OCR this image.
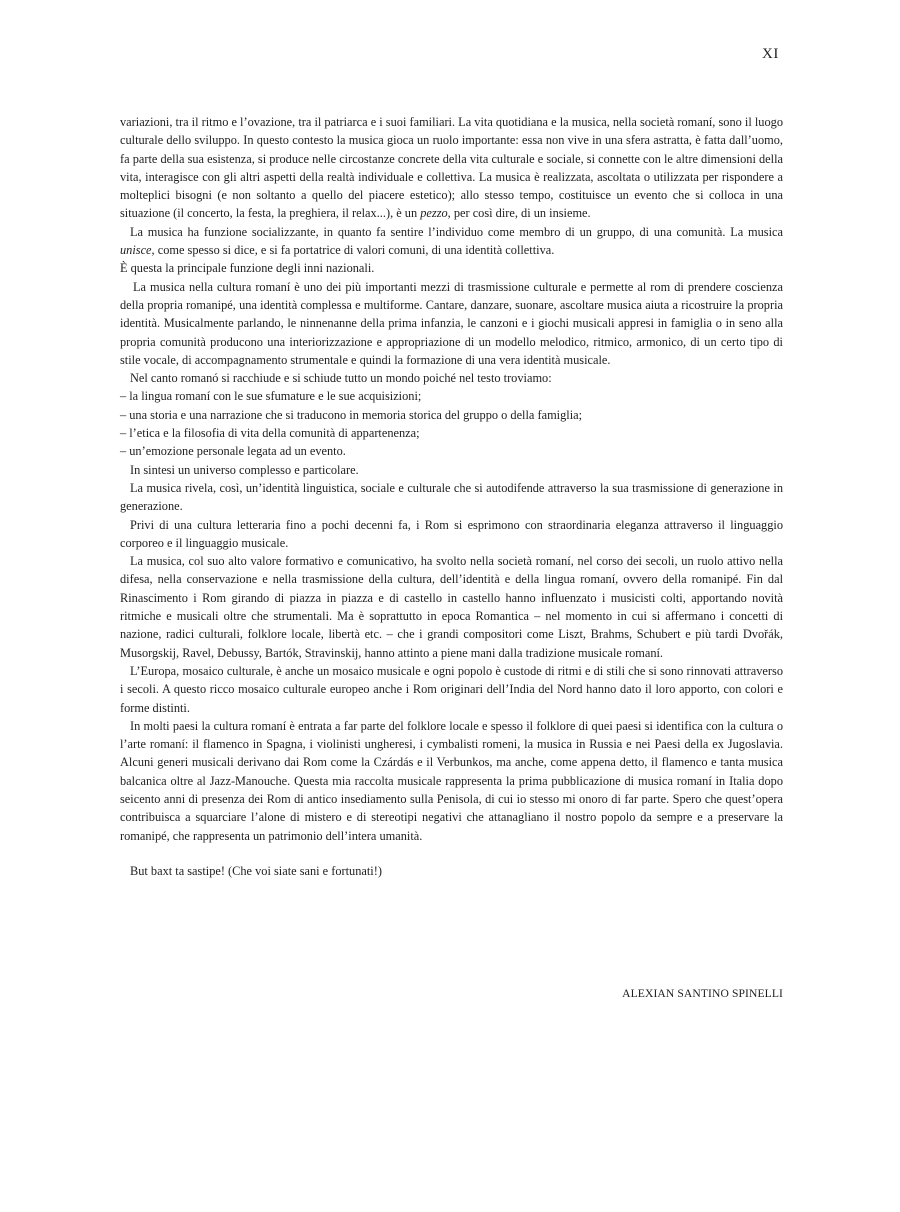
XI

variazioni, tra il ritmo e l’ovazione, tra il patriarca e i suoi familiari. La vita quotidiana e la musica, nella società romaní, sono il luogo culturale dello sviluppo. In questo contesto la musica gioca un ruolo importante: essa non vive in una sfera astratta, è fatta dall’uomo, fa parte della sua esistenza, si produce nelle circostanze concrete della vita culturale e sociale, si connette con le altre dimensioni della vita, interagisce con gli altri aspetti della realtà individuale e collettiva. La musica è realizzata, ascoltata o utilizzata per rispondere a molteplici bisogni (e non soltanto a quello del piacere estetico); allo stesso tempo, costituisce un evento che si colloca in una situazione (il concerto, la festa, la preghiera, il relax...), è un pezzo, per così dire, di un insieme.

La musica ha funzione socializzante, in quanto fa sentire l’individuo come membro di un gruppo, di una comunità. La musica unisce, come spesso si dice, e si fa portatrice di valori comuni, di una identità collettiva.

È questa la principale funzione degli inni nazionali.

La musica nella cultura romaní è uno dei più importanti mezzi di trasmissione culturale e permette al rom di prendere coscienza della propria romanipé, una identità complessa e multiforme. Cantare, danzare, suonare, ascoltare musica aiuta a ricostruire la propria identità. Musicalmente parlando, le ninnenanne della prima infanzia, le canzoni e i giochi musicali appresi in famiglia o in seno alla propria comunità producono una interiorizzazione e appropriazione di un modello melodico, ritmico, armonico, di un certo tipo di stile vocale, di accompagnamento strumentale e quindi la formazione di una vera identità musicale.

Nel canto romanó si racchiude e si schiude tutto un mondo poiché nel testo troviamo:

– la lingua romaní con le sue sfumature e le sue acquisizioni;

– una storia e una narrazione che si traducono in memoria storica del gruppo o della famiglia;

– l’etica e la filosofia di vita della comunità di appartenenza;

– un’emozione personale legata ad un evento.

In sintesi un universo complesso e particolare.

La musica rivela, così, un’identità linguistica, sociale e culturale che si autodifende attraverso la sua trasmissione di generazione in generazione.

Privi di una cultura letteraria fino a pochi decenni fa, i Rom si esprimono con straordinaria eleganza attraverso il linguaggio corporeo e il linguaggio musicale.

La musica, col suo alto valore formativo e comunicativo, ha svolto nella società romaní, nel corso dei secoli, un ruolo attivo nella difesa, nella conservazione e nella trasmissione della cultura, dell’identità e della lingua romaní, ovvero della romanipé. Fin dal Rinascimento i Rom girando di piazza in piazza e di castello in castello hanno influenzato i musicisti colti, apportando novità ritmiche e musicali oltre che strumentali. Ma è soprattutto in epoca Romantica – nel momento in cui si affermano i concetti di nazione, radici culturali, folklore locale, libertà etc. – che i grandi compositori come Liszt, Brahms, Schubert e più tardi Dvořák, Musorgskij, Ravel, Debussy, Bartók, Stravinskij, hanno attinto a piene mani dalla tradizione musicale romaní.

L’Europa, mosaico culturale, è anche un mosaico musicale e ogni popolo è custode di ritmi e di stili che si sono rinnovati attraverso i secoli. A questo ricco mosaico culturale europeo anche i Rom originari dell’India del Nord hanno dato il loro apporto, con colori e forme distinti.

In molti paesi la cultura romaní è entrata a far parte del folklore locale e spesso il folklore di quei paesi si identifica con la cultura o l’arte romaní: il flamenco in Spagna, i violinisti ungheresi, i cymbalisti romeni, la musica in Russia e nei Paesi della ex Jugoslavia. Alcuni generi musicali derivano dai Rom come la Czárdás e il Verbunkos, ma anche, come appena detto, il flamenco e tanta musica balcanica oltre al Jazz-Manouche. Questa mia raccolta musicale rappresenta la prima pubblicazione di musica romaní in Italia dopo seicento anni di presenza dei Rom di antico insediamento sulla Penisola, di cui io stesso mi onoro di far parte. Spero che quest’opera contribuisca a squarciare l’alone di mistero e di stereotipi negativi che attanagliano il nostro popolo da sempre e a preservare la romanipé, che rappresenta un patrimonio dell’intera umanità.

But baxt ta sastipe! (Che voi siate sani e fortunati!)

ALEXIAN SANTINO SPINELLI
